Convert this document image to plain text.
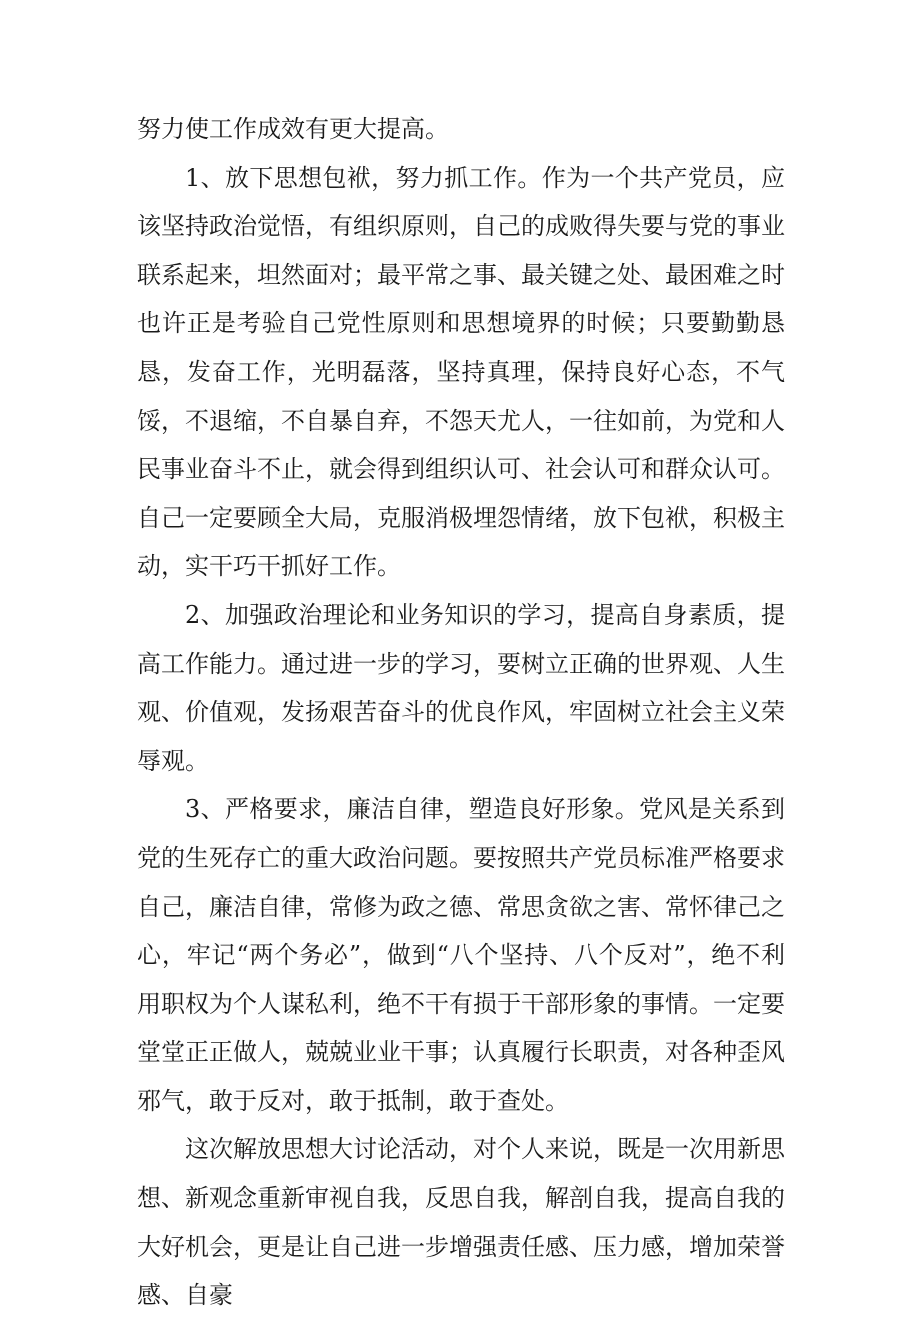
努力使工作成效有更大提高。

1、放下思想包袱，努力抓工作。作为一个共产党员，应该坚持政治觉悟，有组织原则，自己的成败得失要与党的事业联系起来，坦然面对；最平常之事、最关键之处、最困难之时也许正是考验自己党性原则和思想境界的时候；只要勤勤恳恳，发奋工作，光明磊落，坚持真理，保持良好心态，不气馁，不退缩，不自暴自弃，不怨天尤人，一往如前，为党和人民事业奋斗不止，就会得到组织认可、社会认可和群众认可。自己一定要顾全大局，克服消极埋怨情绪，放下包袱，积极主动，实干巧干抓好工作。

2、加强政治理论和业务知识的学习，提高自身素质，提高工作能力。通过进一步的学习，要树立正确的世界观、人生观、价值观，发扬艰苦奋斗的优良作风，牢固树立社会主义荣辱观。

3、严格要求，廉洁自律，塑造良好形象。党风是关系到党的生死存亡的重大政治问题。要按照共产党员标准严格要求自己，廉洁自律，常修为政之德、常思贪欲之害、常怀律己之心，牢记“两个务必”，做到“八个坚持、八个反对”，绝不利用职权为个人谋私利，绝不干有损于干部形象的事情。一定要堂堂正正做人，兢兢业业干事；认真履行长职责，对各种歪风邪气，敢于反对，敢于抵制，敢于查处。

这次解放思想大讨论活动，对个人来说，既是一次用新思想、新观念重新审视自我，反思自我，解剖自我，提高自我的大好机会，更是让自己进一步增强责任感、压力感，增加荣誉感、自豪
